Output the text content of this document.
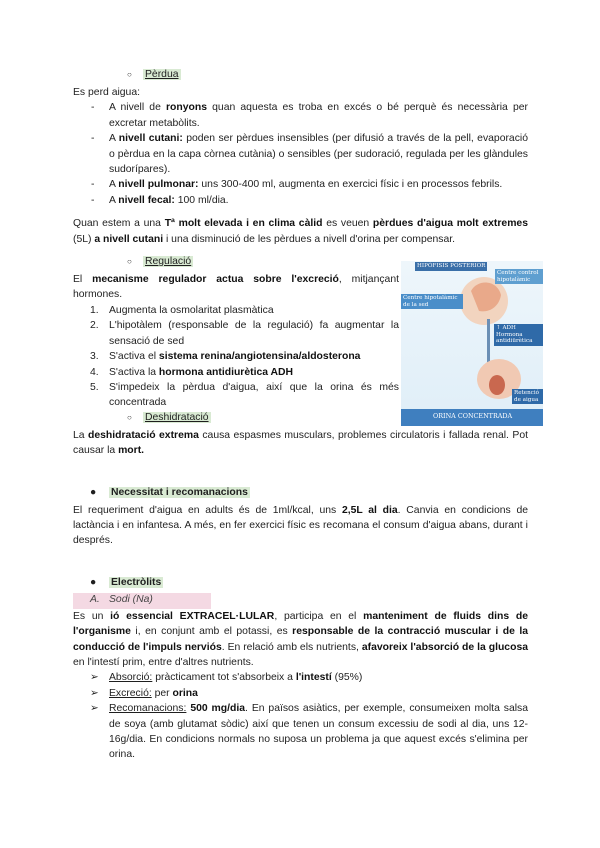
○ Pèrdua

Es perd aigua:

- A nivell de ronyons quan aquesta es troba en excés o bé perquè és necessària per excretar metabòlits.
- A nivell cutani: poden ser pèrdues insensibles (per difusió a través de la pell, evaporació o pèrdua en la capa còrnea cutània) o sensibles (per sudoració, regulada per les glàndules sudorípares).
- A nivell pulmonar: uns 300-400 ml, augmenta en exercici físic i en processos febrils.
- A nivell fecal: 100 ml/dia.

Quan estem a una Tª molt elevada i en clima càlid es veuen pèrdues d'aigua molt extremes (5L) a nivell cutani i una disminució de les pèrdues a nivell d'orina per compensar.

○ Regulació

El mecanisme regulador actua sobre l'excreció, mitjançant hormones.

1. Augmenta la osmolaritat plasmàtica
2. L'hipotàlem (responsable de la regulació) fa augmentar la sensació de sed
3. S'activa el sistema renina/angiotensina/aldosterona
4. S'activa la hormona antidiurètica ADH
5. S'impedeix la pèrdua d'aigua, així que la orina és més concentrada
○ Deshidratació

La deshidratació extrema causa espasmes musculars, problemes circulatoris i fallada renal. Pot causar la mort.

● Necessitat i recomanacions

El requeriment d'aigua en adults és de 1ml/kcal, uns 2,5L al dia. Canvia en condicions de lactància i en infantesa. A més, en fer exercici físic es recomana el consum d'aigua abans, durant i després.

● Electròlits
A. Sodi (Na)

Es un ió essencial EXTRACEL·LULAR, participa en el manteniment de fluids dins de l'organisme i, en conjunt amb el potassi, es responsable de la contracció muscular i de la conducció de l'impuls nerviós. En relació amb els nutrients, afavoreix l'absorció de la glucosa en l'intestí prim, entre d'altres nutrients.

➢ Absorció: pràcticament tot s'absorbeix a l'intestí (95%)
➢ Excreció: per orina
➢ Recomanacions: 500 mg/dia. En països asiàtics, per exemple, consumeixen molta salsa de soya (amb glutamat sòdic) així que tenen un consum excessiu de sodi al dia, uns 12-16g/dia. En condicions normals no suposa un problema ja que aquest excés s'elimina per orina.
HIPÒFISIS POSTERIOR
Centre control hipotalàmic
Centre hipotalàmic de la sed
↑ ADH
Hormona antidiürètica
Retenció de aigua
ORINA CONCENTRADA
